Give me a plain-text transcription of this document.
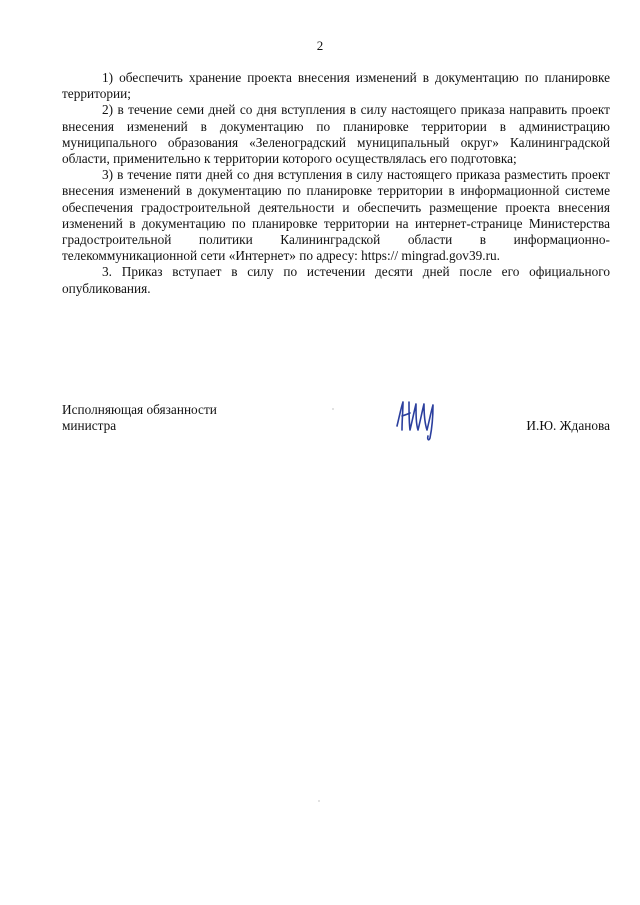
2

1) обеспечить хранение проекта внесения изменений в документацию по планировке территории;

2) в течение семи дней со дня вступления в силу настоящего приказа направить проект внесения изменений в документацию по планировке территории в администрацию муниципального образования «Зеленоградский муниципальный округ» Калининградской области, применительно к территории которого осуществлялась его подготовка;

3) в течение пяти дней со дня вступления в силу настоящего приказа разместить проект внесения изменений в документацию по планировке территории в информационной системе обеспечения градостроительной деятельности и обеспечить размещение проекта внесения изменений в документацию по планировке территории на интернет-странице Министерства градостроительной политики Калининградской области в информационно-телекоммуникационной сети «Интернет» по адресу: https:// mingrad.gov39.ru.

3. Приказ вступает в силу по истечении десяти дней после его официального опубликования.

Исполняющая обязанности
министра	И.Ю. Жданова
